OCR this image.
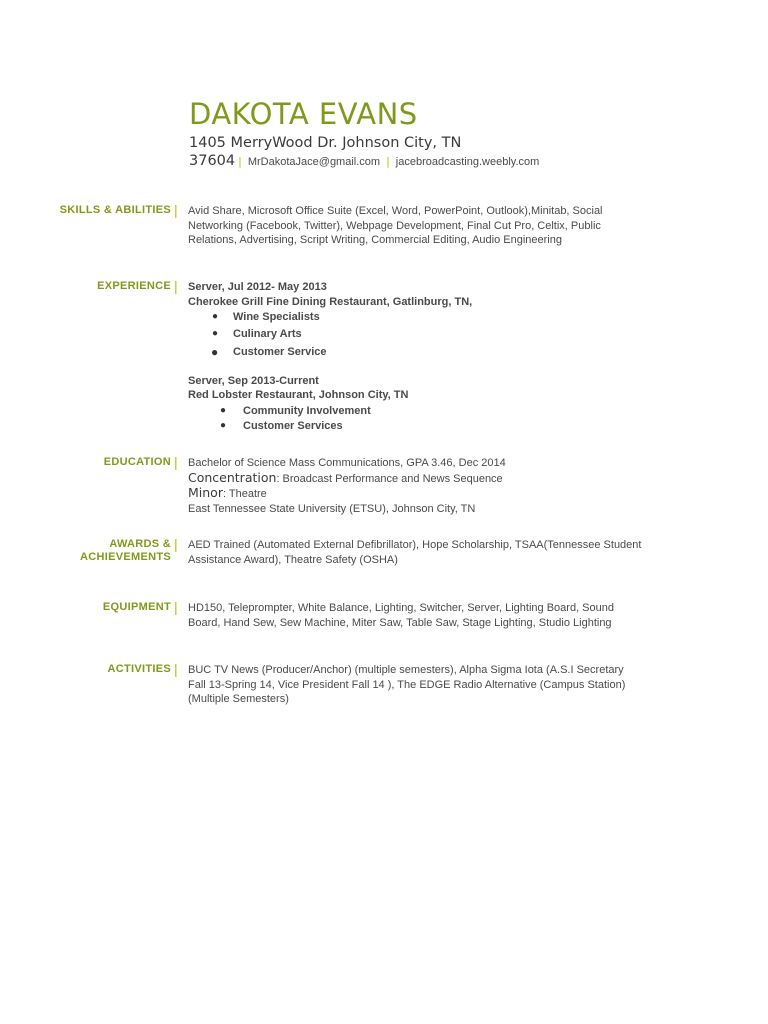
DAKOTA EVANS
1405 MerryWood Dr. Johnson City, TN
37604 | MrDakotaJace@gmail.com | jacebroadcasting.weebly.com
SKILLS & ABILITIES | Avid Share, Microsoft Office Suite (Excel, Word, PowerPoint, Outlook),Minitab, Social Networking (Facebook, Twitter), Webpage Development, Final Cut Pro, Celtix, Public Relations, Advertising, Script Writing, Commercial Editing, Audio Engineering
EXPERIENCE | Server, Jul 2012- May 2013
Cherokee Grill Fine Dining Restaurant, Gatlinburg, TN,
● Wine Specialists
● Culinary Arts
● Customer Service
Server, Sep 2013-Current
Red Lobster Restaurant, Johnson City, TN
● Community Involvement
● Customer Services
EDUCATION | Bachelor of Science Mass Communications, GPA 3.46, Dec 2014
Concentration: Broadcast Performance and News Sequence
Minor: Theatre
East Tennessee State University (ETSU), Johnson City, TN
AWARDS &
ACHIEVEMENTS
| AED Trained (Automated External Defibrillator), Hope Scholarship, TSAA(Tennessee Student Assistance Award), Theatre Safety (OSHA)
EQUIPMENT | HD150, Teleprompter, White Balance, Lighting, Switcher, Server, Lighting Board, Sound Board, Hand Sew, Sew Machine, Miter Saw, Table Saw, Stage Lighting, Studio Lighting
ACTIVITIES | BUC TV News (Producer/Anchor) (multiple semesters), Alpha Sigma Iota (A.S.I Secretary Fall 13-Spring 14, Vice President Fall 14 ), The EDGE Radio Alternative (Campus Station) (Multiple Semesters)
